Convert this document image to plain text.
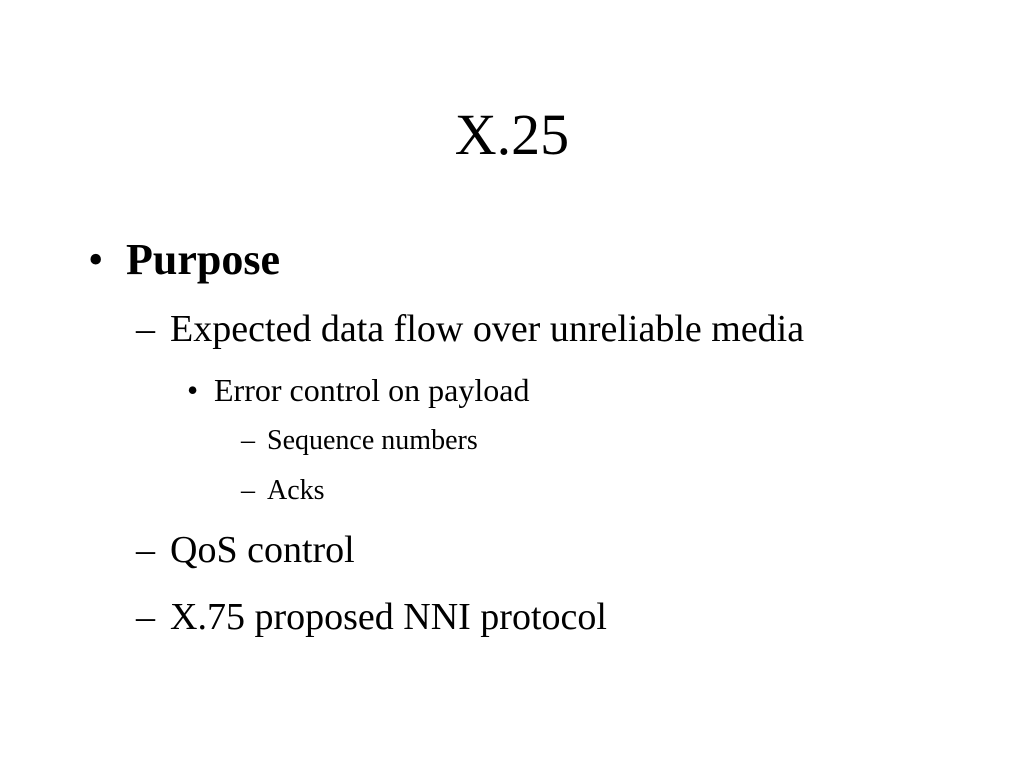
X.25
• Purpose
– Expected data flow over unreliable media
• Error control on payload
– Sequence numbers
– Acks
– QoS control
– X.75 proposed NNI protocol
